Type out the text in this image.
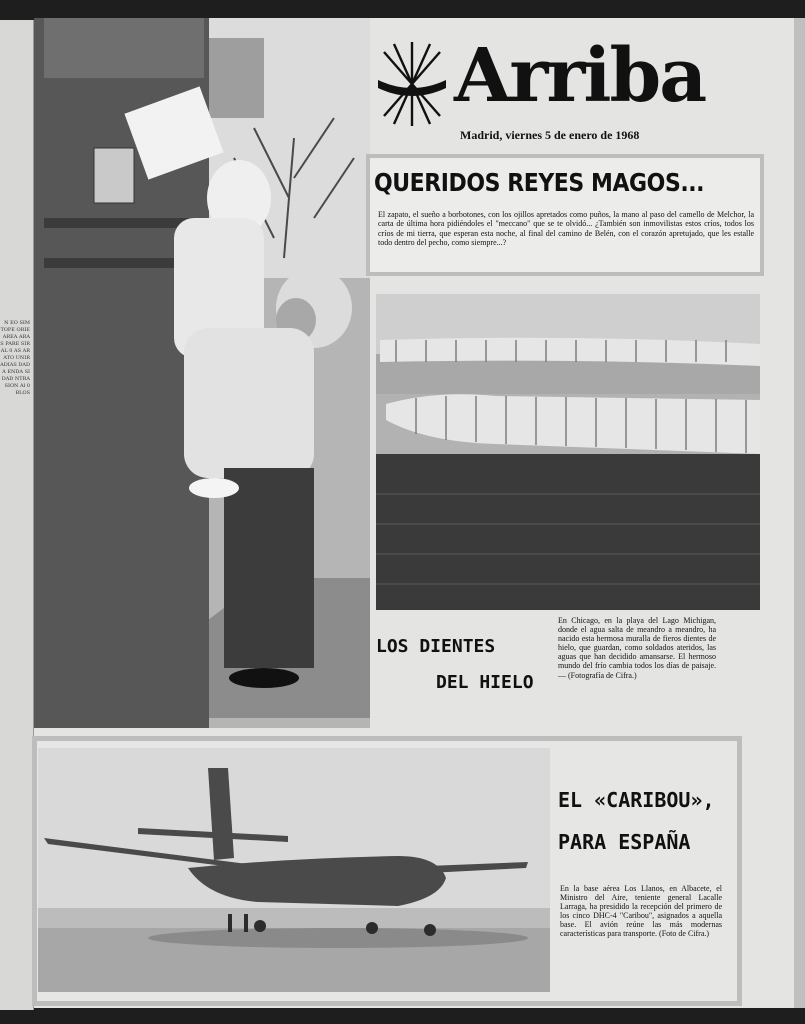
N EO SIM TOPE ORIE AREA ARAS PARE SIR AL 0 AS AR ATO UNIR ADIAS DADA ENDA SIDAD NTRA SION Al 0 BLOS
Arriba
Madrid, viernes 5 de enero de 1968
QUERIDOS REYES MAGOS...
El zapato, el sueño a borbotones, con los ojillos apretados como puños, la mano al paso del camello de Melchor, la carta de última hora pidiéndoles el "meccano" que se te olvidó... ¿También son inmovilistas estos críos, todos los críos de mi tierra, que esperan esta noche, al final del camino de Belén, con el corazón apretujado, que les estalle todo dentro del pecho, como siempre...?
LOS DIENTES
DEL HIELO
En Chicago, en la playa del Lago Michigan, donde el agua salta de meandro a meandro, ha nacido esta hermosa muralla de fieros dientes de hielo, que guardan, como soldados ateridos, las aguas que han decidido amansarse. El hermoso mundo del frío cambia todos los días de paisaje. — (Fotografía de Cifra.)
EL «CARIBOU»,
PARA ESPAÑA
En la base aérea Los Llanos, en Albacete, el Ministro del Aire, teniente general Lacalle Larraga, ha presidido la recepción del primero de los cinco DHC-4 "Caribou", asignados a aquella base. El avión reúne las más modernas características para transporte. (Foto de Cifra.)
